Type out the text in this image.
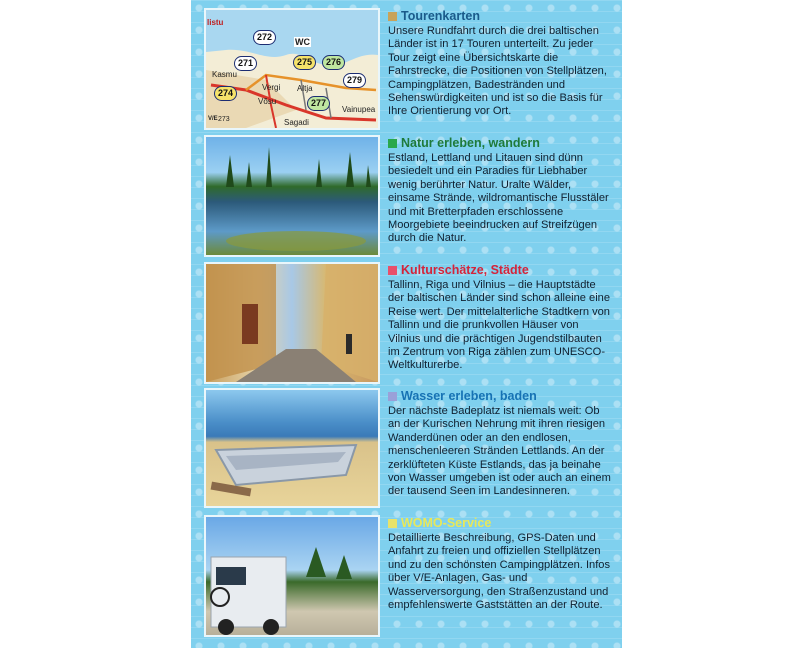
listu
Kasmu
Vergi Altja
Võsu
Sagadi
Vainupea
272
271	275	276
279
274
277
273
WC
V/E
Tourenkarten
Unsere Rundfahrt durch die drei baltischen Länder ist in 17 Touren unterteilt. Zu jeder Tour zeigt eine Übersichtskarte die Fahrstrecke, die Positionen von Stellplätzen, Campingplätzen, Badestränden und Sehenswürdigkeiten und ist so die Basis für Ihre Orientierung vor Ort.
Natur erleben, wandern
Estland, Lettland und Litauen sind dünn besiedelt und ein Paradies für Liebhaber wenig berührter Natur. Uralte Wälder, einsame Strände, wildromantische Flusstäler und mit Bretterpfaden erschlossene Moorgebiete beeindrucken auf Streifzügen durch die Natur.
Kulturschätze, Städte
Tallinn, Riga und Vilnius – die Hauptstädte der baltischen Länder sind schon alleine eine Reise wert. Der mittelalterliche Stadtkern von Tallinn und die prunkvollen Häuser von Vilnius und die prächtigen Jugendstilbauten im Zentrum von Riga zählen zum UNESCO-Weltkulturerbe.
Wasser erleben, baden
Der nächste Badeplatz ist niemals weit: Ob an der Kurischen Nehrung mit ihren riesigen Wanderdünen oder an den endlosen, menschenleeren Stränden Lettlands. An der zerklüfteten Küste Estlands, das ja beinahe von Wasser umgeben ist oder auch an einem der tausend Seen im Landesinneren.
WOMO-Service
Detaillierte Beschreibung, GPS-Daten und Anfahrt zu freien und offiziellen Stellplätzen und zu den schönsten Campingplätzen. Infos über V/E-Anlagen, Gas- und Wasserversorgung, den Straßenzustand und empfehlenswerte Gaststätten an der Route.
